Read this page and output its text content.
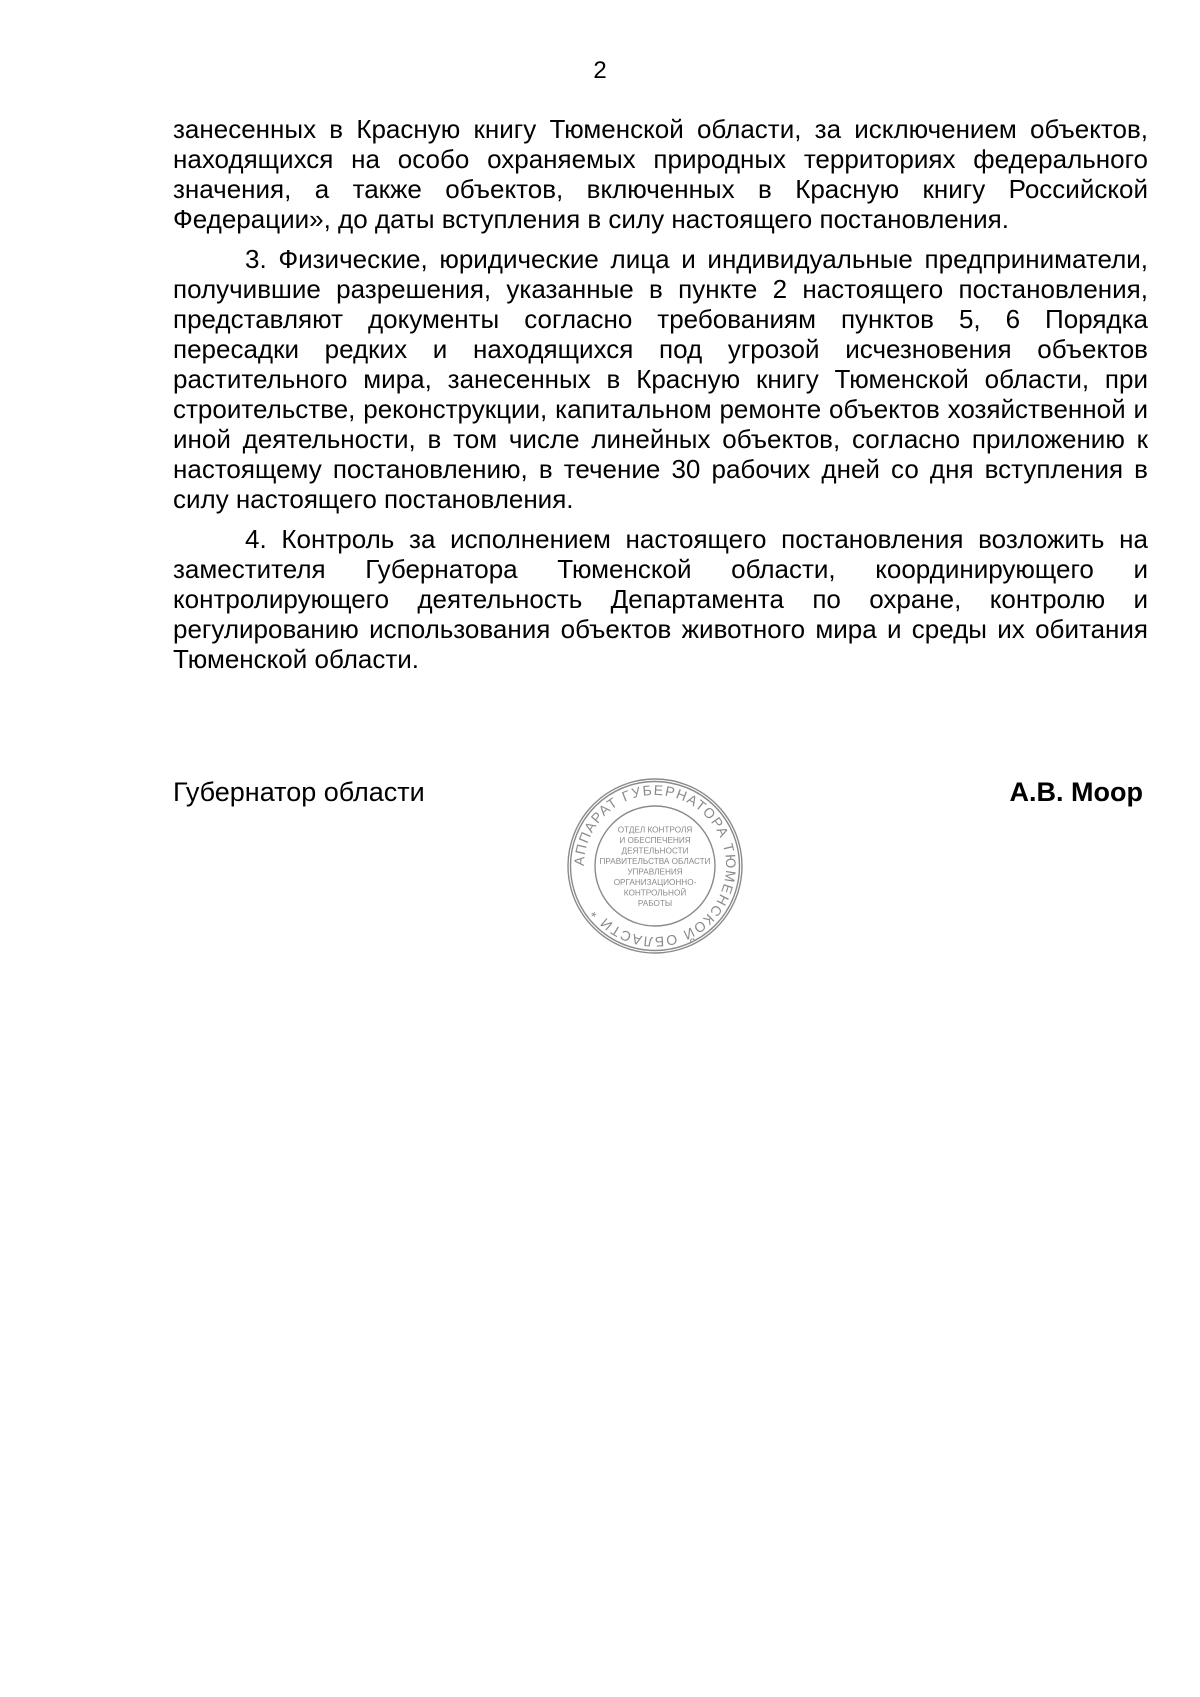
2

занесенных в Красную книгу Тюменской области, за исключением объектов, находящихся на особо охраняемых природных территориях федерального значения, а также объектов, включенных в Красную книгу Российской Федерации», до даты вступления в силу настоящего постановления.

3. Физические, юридические лица и индивидуальные предприниматели, получившие разрешения, указанные в пункте 2 настоящего постановления, представляют документы согласно требованиям пунктов 5, 6 Порядка пересадки редких и находящихся под угрозой исчезновения объектов растительного мира, занесенных в Красную книгу Тюменской области, при строительстве, реконструкции, капитальном ремонте объектов хозяйственной и иной деятельности, в том числе линейных объектов, согласно приложению к настоящему постановлению, в течение 30 рабочих дней со дня вступления в силу настоящего постановления.

4. Контроль за исполнением настоящего постановления возложить на заместителя Губернатора Тюменской области, координирующего и контролирующего деятельность Департамента по охране, контролю и регулированию использования объектов животного мира и среды их обитания Тюменской области.

Губернатор области	А.В. Моор
АППАРАТ ГУБЕРНАТОРА ТЮМЕНСКОЙ ОБЛАСТИ *
ОТДЕЛ КОНТРОЛЯ
И ОБЕСПЕЧЕНИЯ
ДЕЯТЕЛЬНОСТИ
ПРАВИТЕЛЬСТВА ОБЛАСТИ
УПРАВЛЕНИЯ
ОРГАНИЗАЦИОННО-
КОНТРОЛЬНОЙ
РАБОТЫ
